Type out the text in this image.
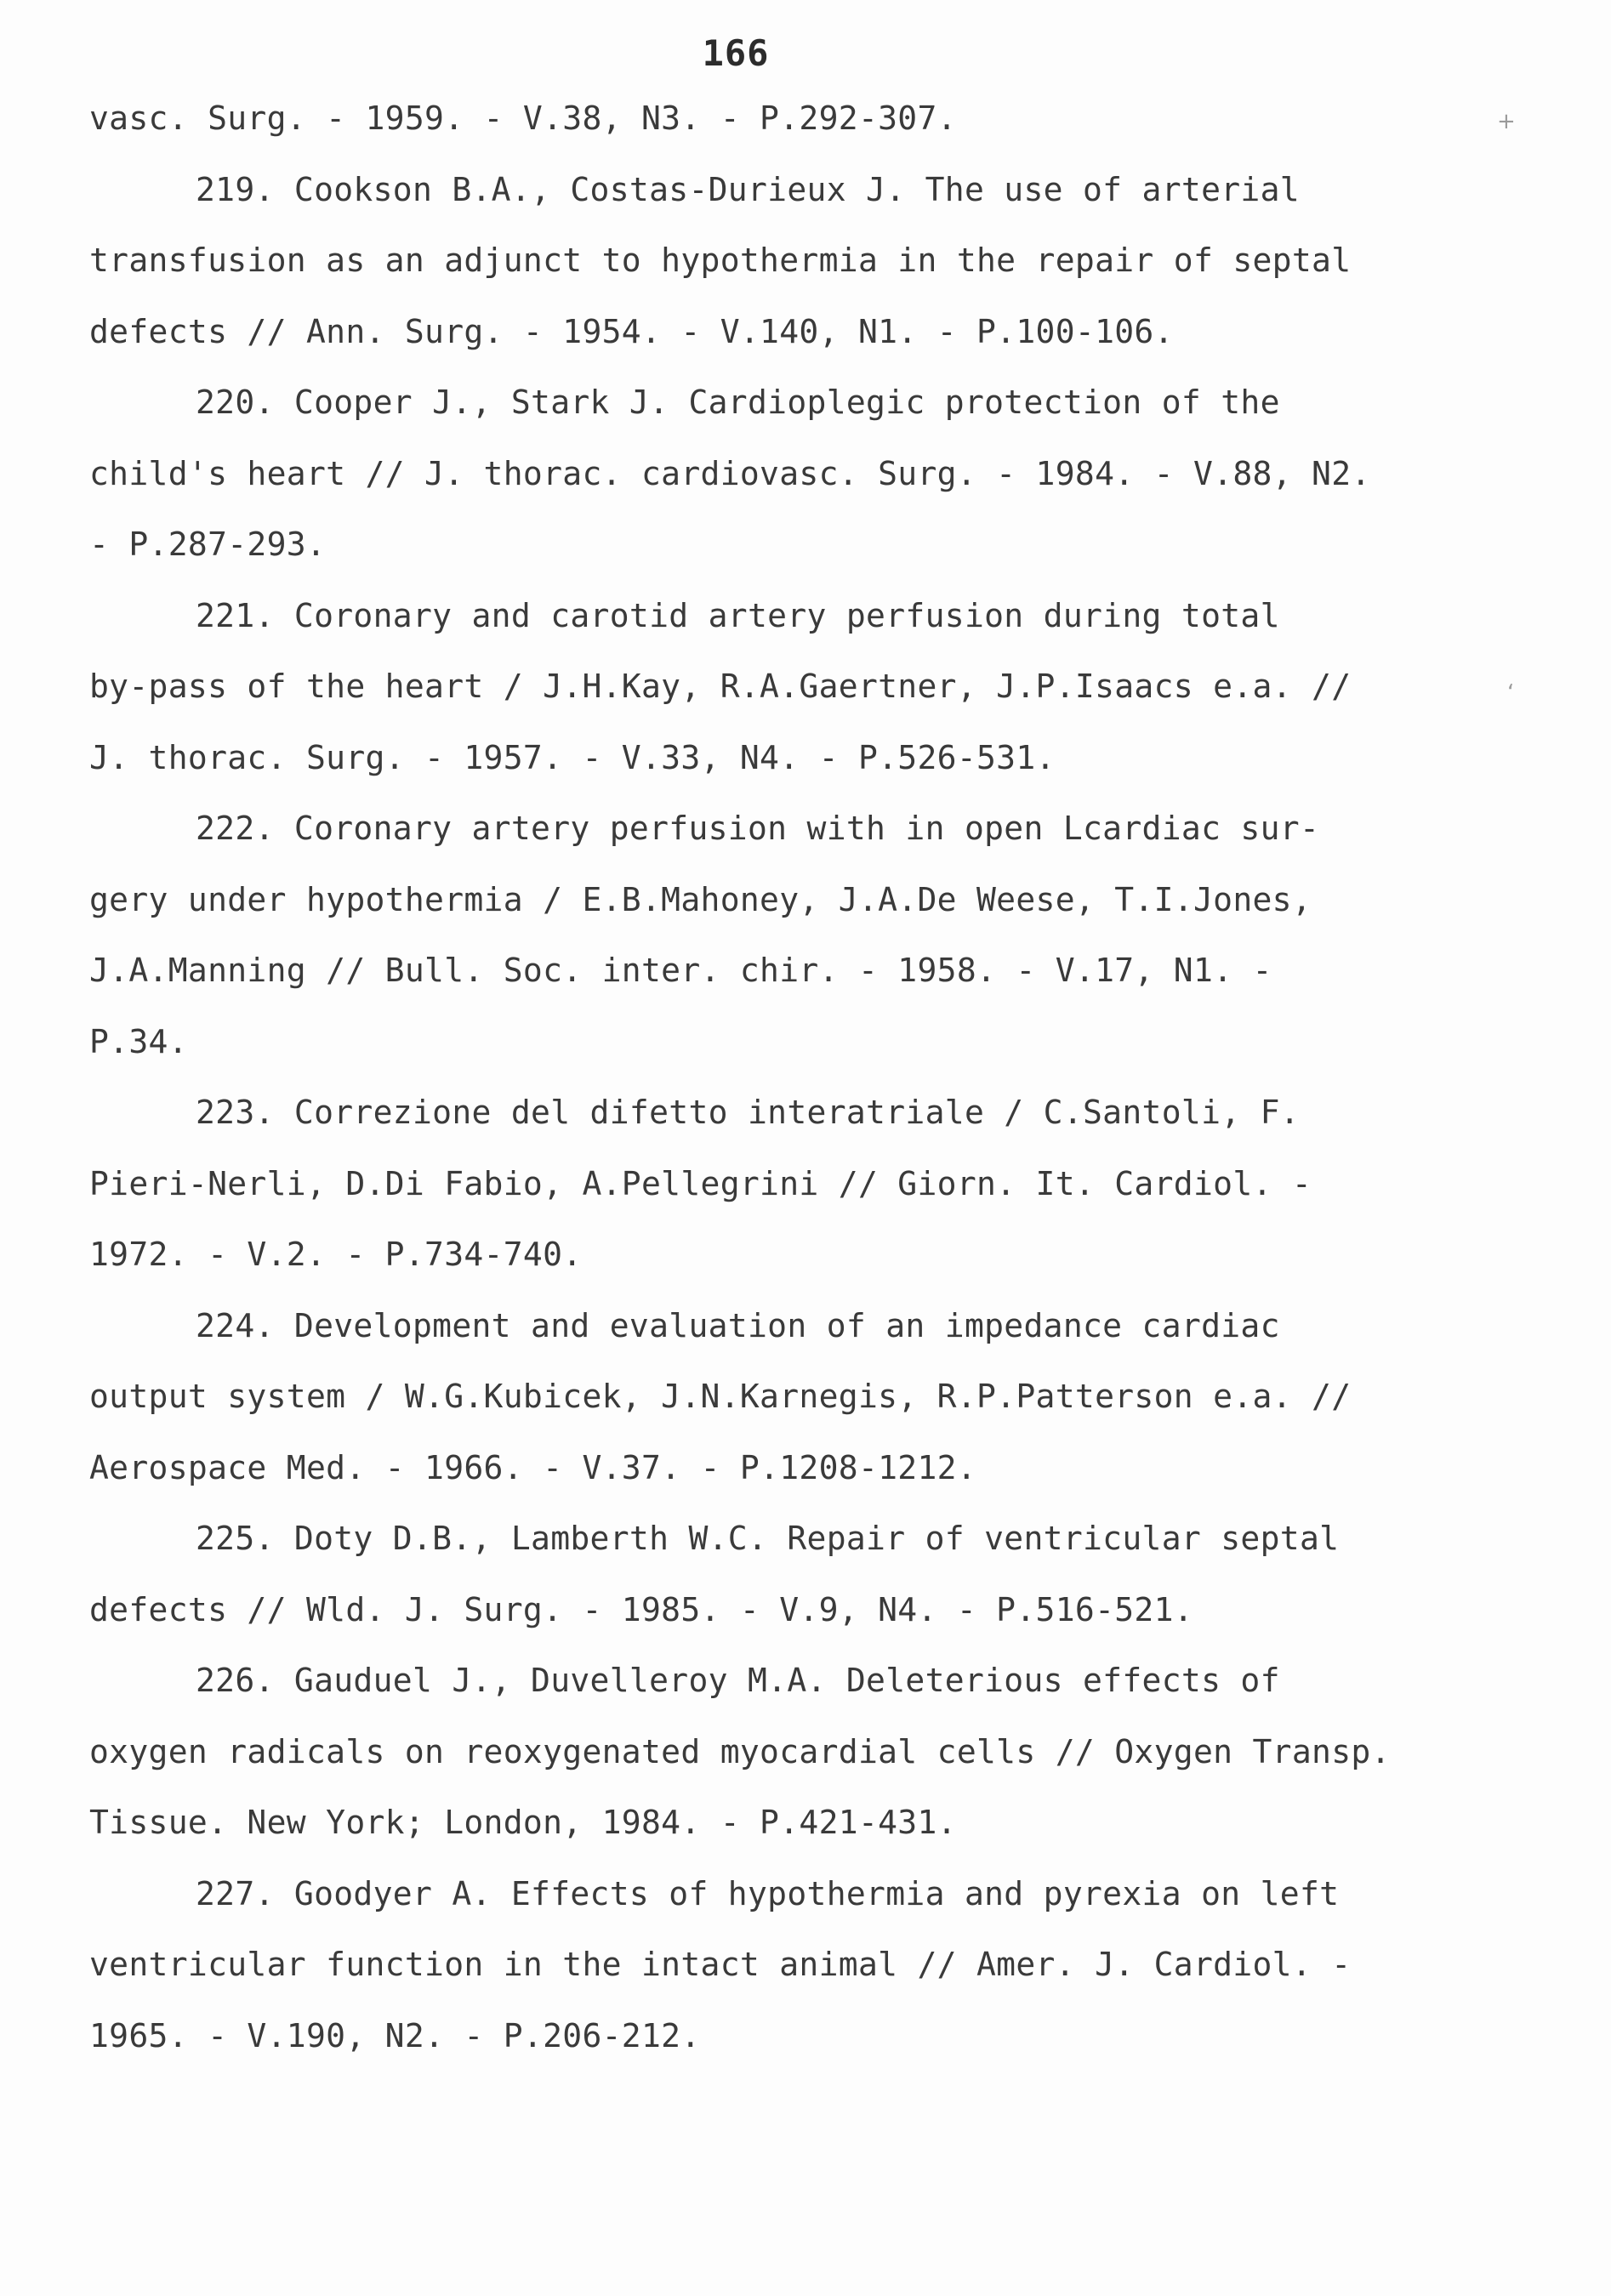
166
vasc. Surg. - 1959. - V.38, N3. - P.292-307.
219. Cookson B.A., Costas-Durieux J. The use of arterial
transfusion as an adjunct to hypothermia in the repair of septal
defects // Ann. Surg. - 1954. - V.140, N1. - P.100-106.
220. Cooper J., Stark J. Cardioplegic protection of the
child's heart // J. thorac. cardiovasc. Surg. - 1984. - V.88, N2.
- P.287-293.
221. Coronary and carotid artery perfusion during total
by-pass of the heart / J.H.Kay, R.A.Gaertner, J.P.Isaacs e.a. //
J. thorac. Surg. - 1957. - V.33, N4. - P.526-531.
222. Coronary artery perfusion with in open Lcardiac sur-
gery under hypothermia / E.B.Mahoney, J.A.De Weese, T.I.Jones,
J.A.Manning // Bull. Soc. inter. chir. - 1958. - V.17, N1. -
P.34.
223. Correzione del difetto interatriale / C.Santoli, F.
Pieri-Nerli, D.Di Fabio, A.Pellegrini // Giorn. It. Cardiol. -
1972. - V.2. - P.734-740.
224. Development and evaluation of an impedance cardiac
output system / W.G.Kubicek, J.N.Karnegis, R.P.Patterson e.a. //
Aerospace Med. - 1966. - V.37. - P.1208-1212.
225. Doty D.B., Lamberth W.C. Repair of ventricular septal
defects // Wld. J. Surg. - 1985. - V.9, N4. - P.516-521.
226. Gauduel J., Duvelleroy M.A. Deleterious effects of
oxygen radicals on reoxygenated myocardial cells // Oxygen Transp.
Tissue. New York; London, 1984. - P.421-431.
227. Goodyer A. Effects of hypothermia and pyrexia on left
ventricular function in the intact animal // Amer. J. Cardiol. -
1965. - V.190, N2. - P.206-212.
+
‘
